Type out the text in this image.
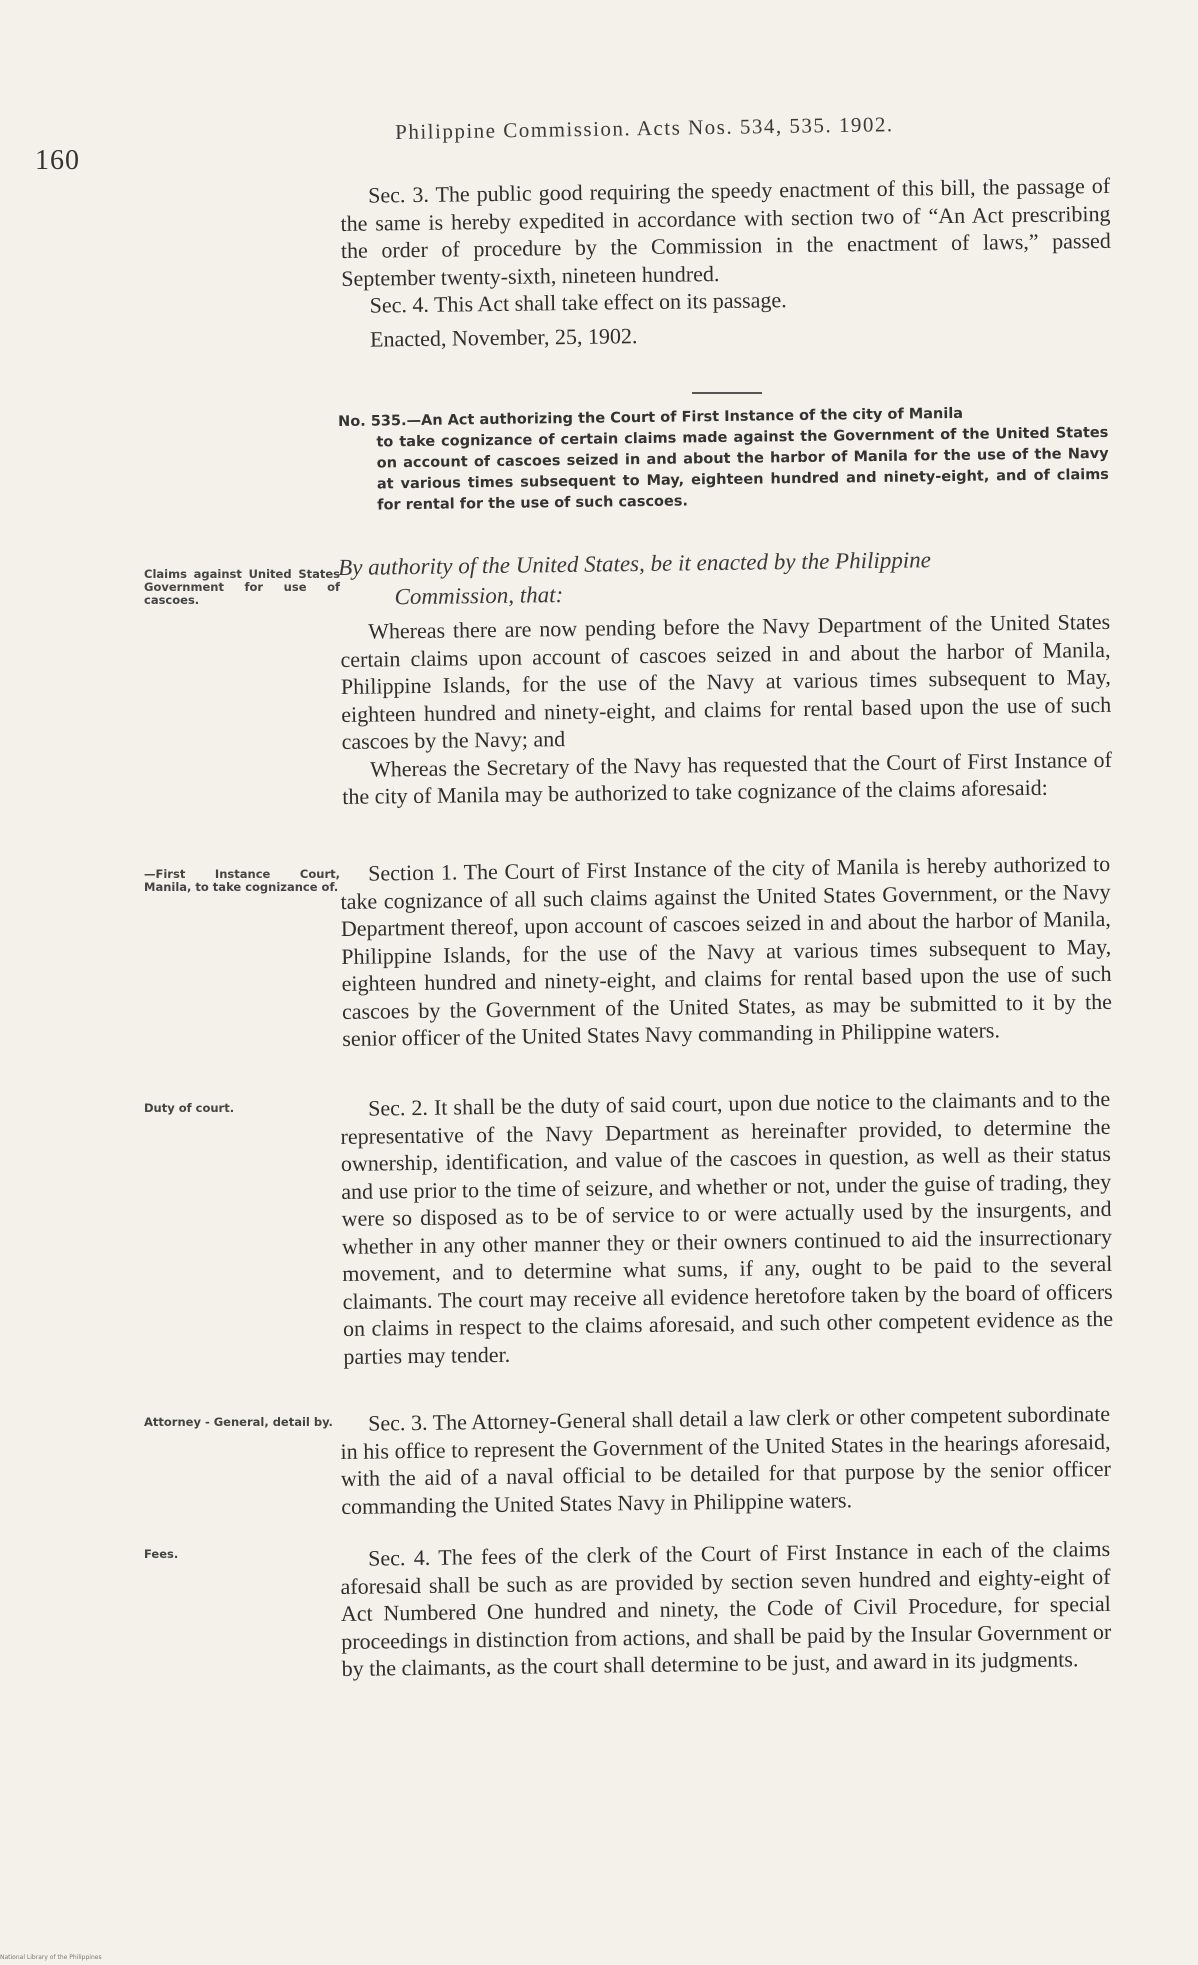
160
Philippine Commission. Acts Nos. 534, 535. 1902.

Sec. 3. The public good requiring the speedy enactment of this bill, the passage of the same is hereby expedited in accordance with section two of “An Act prescribing the order of procedure by the Commission in the enactment of laws,” passed September twenty-sixth, nineteen hundred.

Sec. 4. This Act shall take effect on its passage.

Enacted, November, 25, 1902.

No. 535.—An Act authorizing the Court of First Instance of the city of Manila
to take cognizance of certain claims made against the Government of the United States on account of cascoes seized in and about the harbor of Manila for the use of the Navy at various times subsequent to May, eighteen hundred and ninety-eight, and of claims for rental for the use of such cascoes.
By authority of the United States, be it enacted by the Philippine
Commission, that:

Whereas there are now pending before the Navy Department of the United States certain claims upon account of cascoes seized in and about the harbor of Manila, Philippine Islands, for the use of the Navy at various times subsequent to May, eighteen hundred and ninety-eight, and claims for rental based upon the use of such cascoes by the Navy; and

Whereas the Secretary of the Navy has requested that the Court of First Instance of the city of Manila may be authorized to take cognizance of the claims aforesaid:

Section 1. The Court of First Instance of the city of Manila is hereby authorized to take cognizance of all such claims against the United States Government, or the Navy Department thereof, upon account of cascoes seized in and about the harbor of Manila, Philippine Islands, for the use of the Navy at various times subsequent to May, eighteen hundred and ninety-eight, and claims for rental based upon the use of such cascoes by the Government of the United States, as may be submitted to it by the senior officer of the United States Navy commanding in Philippine waters.

Sec. 2. It shall be the duty of said court, upon due notice to the claimants and to the representative of the Navy Department as hereinafter provided, to determine the ownership, identification, and value of the cascoes in question, as well as their status and use prior to the time of seizure, and whether or not, under the guise of trading, they were so disposed as to be of service to or were actually used by the insurgents, and whether in any other manner they or their owners continued to aid the insurrectionary movement, and to determine what sums, if any, ought to be paid to the several claimants. The court may receive all evidence heretofore taken by the board of officers on claims in respect to the claims aforesaid, and such other competent evidence as the parties may tender.

Sec. 3. The Attorney-General shall detail a law clerk or other competent subordinate in his office to represent the Government of the United States in the hearings aforesaid, with the aid of a naval official to be detailed for that purpose by the senior officer commanding the United States Navy in Philippine waters.

Sec. 4. The fees of the clerk of the Court of First Instance in each of the claims aforesaid shall be such as are provided by section seven hundred and eighty-eight of Act Numbered One hundred and ninety, the Code of Civil Procedure, for special proceedings in distinction from actions, and shall be paid by the Insular Government or by the claimants, as the court shall determine to be just, and award in its judgments.

Claims against United States Government for use of cascoes.
—First Instance Court, Manila, to take cognizance of.
Duty of court.
Attorney - General, detail by.
Fees.
National Library of the Philippines
